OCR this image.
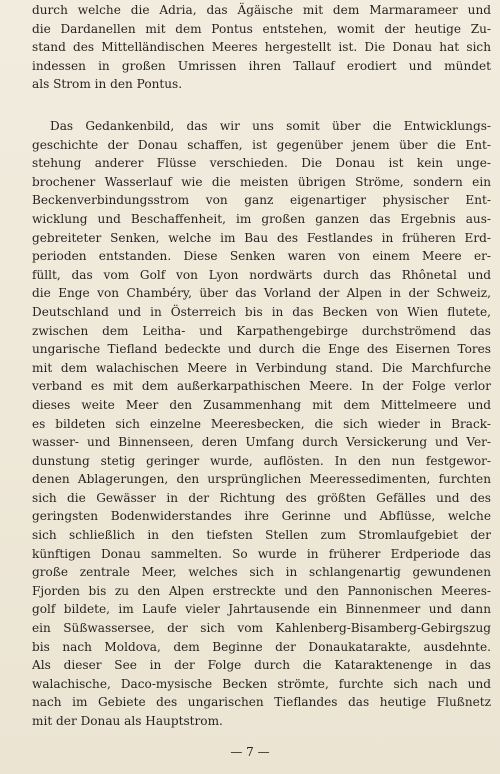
durch welche die Adria, das Ägäische mit dem Marmarameer und
die Dardanellen mit dem Pontus entstehen, womit der heutige Zu-
stand des Mittelländischen Meeres hergestellt ist. Die Donau hat sich
indessen in großen Umrissen ihren Tallauf erodiert und mündet
als Strom in den Pontus.
Das Gedankenbild, das wir uns somit über die Entwicklungs-
geschichte der Donau schaffen, ist gegenüber jenem über die Ent-
stehung anderer Flüsse verschieden. Die Donau ist kein unge-
brochener Wasserlauf wie die meisten übrigen Ströme, sondern ein
Beckenverbindungsstrom von ganz eigenartiger physischer Ent-
wicklung und Beschaffenheit, im großen ganzen das Ergebnis aus-
gebreiteter Senken, welche im Bau des Festlandes in früheren Erd-
perioden entstanden. Diese Senken waren von einem Meere er-
füllt, das vom Golf von Lyon nordwärts durch das Rhônetal und
die Enge von Chambéry, über das Vorland der Alpen in der Schweiz,
Deutschland und in Österreich bis in das Becken von Wien flutete,
zwischen dem Leitha- und Karpathengebirge durchströmend das
ungarische Tiefland bedeckte und durch die Enge des Eisernen Tores
mit dem walachischen Meere in Verbindung stand. Die Marchfurche
verband es mit dem außerkarpathischen Meere. In der Folge verlor
dieses weite Meer den Zusammenhang mit dem Mittelmeere und
es bildeten sich einzelne Meeresbecken, die sich wieder in Brack-
wasser- und Binnenseen, deren Umfang durch Versickerung und Ver-
dunstung stetig geringer wurde, auflösten. In den nun festgewor-
denen Ablagerungen, den ursprünglichen Meeressedimenten, furchten
sich die Gewässer in der Richtung des größten Gefälles und des
geringsten Bodenwiderstandes ihre Gerinne und Abflüsse, welche
sich schließlich in den tiefsten Stellen zum Stromlaufgebiet der
künftigen Donau sammelten. So wurde in früherer Erdperiode das
große zentrale Meer, welches sich in schlangenartig gewundenen
Fjorden bis zu den Alpen erstreckte und den Pannonischen Meeres-
golf bildete, im Laufe vieler Jahrtausende ein Binnenmeer und dann
ein Süßwassersee, der sich vom Kahlenberg-Bisamberg-Gebirgszug
bis nach Moldova, dem Beginne der Donaukatarakte, ausdehnte.
Als dieser See in der Folge durch die Kataraktenenge in das
walachische, Daco-mysische Becken strömte, furchte sich nach und
nach im Gebiete des ungarischen Tieflandes das heutige Flußnetz
mit der Donau als Hauptstrom.
— 7 —
